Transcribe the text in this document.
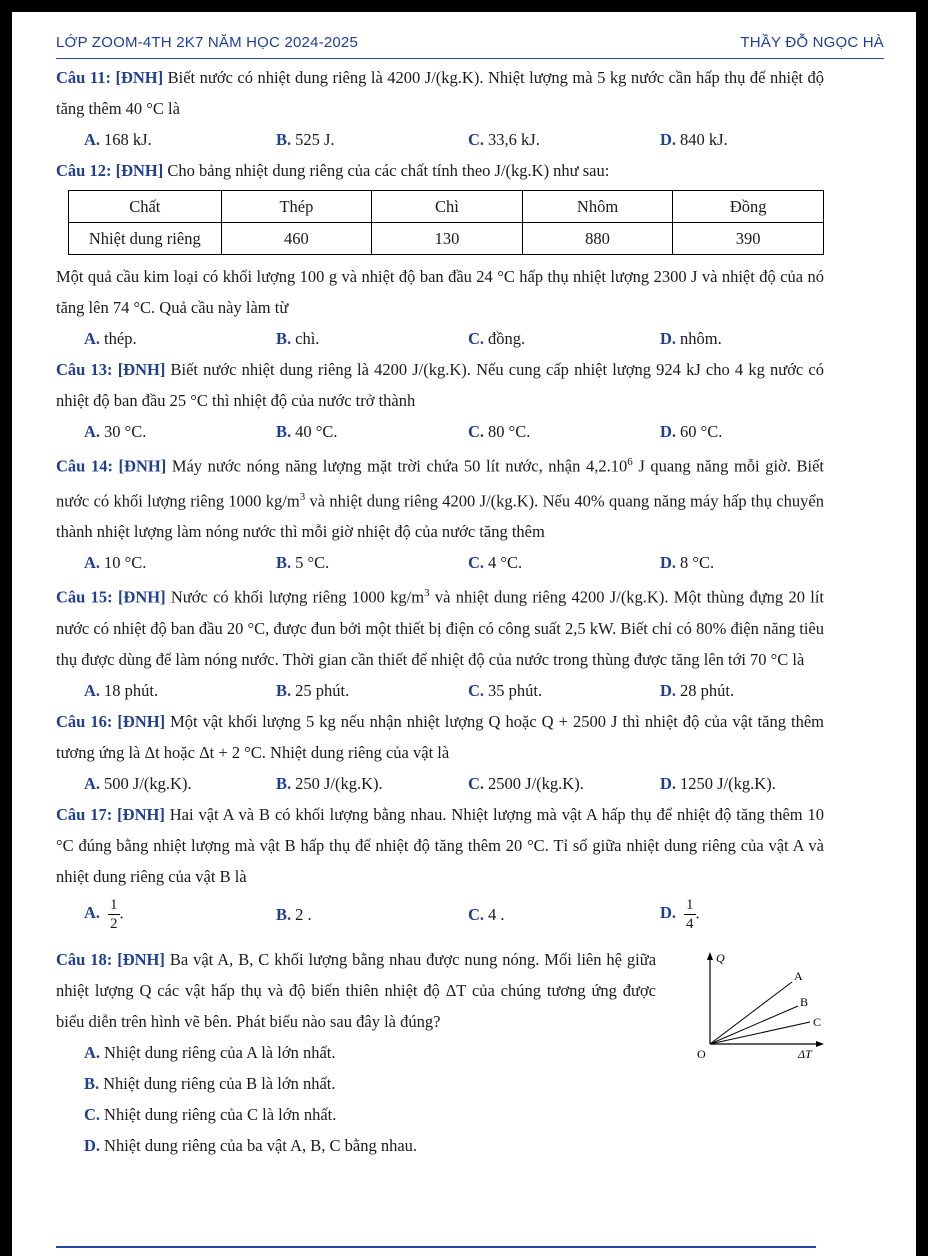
LỚP ZOOM-4TH 2K7 NĂM HỌC 2024-2025	THẦY ĐỖ NGỌC HÀ

Câu 11: [ĐNH] Biết nước có nhiệt dung riêng là 4200 J/(kg.K). Nhiệt lượng mà 5 kg nước cần hấp thụ để nhiệt độ tăng thêm 40 °C là

A. 168 kJ.	B. 525 J.	C. 33,6 kJ.	D. 840 kJ.

Câu 12: [ĐNH] Cho bảng nhiệt dung riêng của các chất tính theo J/(kg.K) như sau:

Chất	Thép	Chì	Nhôm	Đồng
Nhiệt dung riêng	460	130	880	390

Một quả cầu kim loại có khối lượng 100 g và nhiệt độ ban đầu 24 °C hấp thụ nhiệt lượng 2300 J và nhiệt độ của nó tăng lên 74 °C. Quả cầu này làm từ

A. thép.	B. chì.	C. đồng.	D. nhôm.

Câu 13: [ĐNH] Biết nước nhiệt dung riêng là 4200 J/(kg.K). Nếu cung cấp nhiệt lượng 924 kJ cho 4 kg nước có nhiệt độ ban đầu 25 °C thì nhiệt độ của nước trở thành

A. 30 °C.	B. 40 °C.	C. 80 °C.	D. 60 °C.

Câu 14: [ĐNH] Máy nước nóng năng lượng mặt trời chứa 50 lít nước, nhận 4,2.10$^6$ J quang năng mỗi giờ. Biết nước có khối lượng riêng 1000 $kg/m^3$ và nhiệt dung riêng 4200 J/(kg.K). Nếu 40% quang năng máy hấp thụ chuyển thành nhiệt lượng làm nóng nước thì mỗi giờ nhiệt độ của nước tăng thêm

A. 10 °C.	B. 5 °C.	C. 4 °C.	D. 8 °C.

Câu 15: [ĐNH] Nước có khối lượng riêng 1000 $kg/m^3$ và nhiệt dung riêng 4200 J/(kg.K). Một thùng đựng 20 lít nước có nhiệt độ ban đầu 20 °C, được đun bởi một thiết bị điện có công suất 2,5 kW. Biết chỉ có 80% điện năng tiêu thụ được dùng để làm nóng nước. Thời gian cần thiết để nhiệt độ của nước trong thùng được tăng lên tới 70 °C là

A. 18 phút.	B. 25 phút.	C. 35 phút.	D. 28 phút.

Câu 16: [ĐNH] Một vật khối lượng 5 kg nếu nhận nhiệt lượng Q hoặc Q + 2500 J thì nhiệt độ của vật tăng thêm tương ứng là Δt hoặc Δt + 2 °C. Nhiệt dung riêng của vật là

A. 500 J/(kg.K).	B. 250 J/(kg.K).	C. 2500 J/(kg.K).	D. 1250 J/(kg.K).

Câu 17: [ĐNH] Hai vật A và B có khối lượng bằng nhau. Nhiệt lượng mà vật A hấp thụ để nhiệt độ tăng thêm 10 °C đúng bằng nhiệt lượng mà vật B hấp thụ để nhiệt độ tăng thêm 20 °C. Tỉ số giữa nhiệt dung riêng của vật A và nhiệt dung riêng của vật B là

A. $\frac{1}{2}$ .	B. 2 .	C. 4 .	D. $\frac{1}{4}$ .

Câu 18: [ĐNH] Ba vật A, B, C khối lượng bằng nhau được nung nóng. Mối liên hệ giữa nhiệt lượng Q các vật hấp thụ và độ biến thiên nhiệt độ ΔT của chúng tương ứng được biểu diễn trên hình vẽ bên. Phát biểu nào sau đây là đúng?

Q
ΔT
O
A
B
C
A. Nhiệt dung riêng của A là lớn nhất.
B. Nhiệt dung riêng của B là lớn nhất.
C. Nhiệt dung riêng của C là lớn nhất.
D. Nhiệt dung riêng của ba vật A, B, C bằng nhau.
